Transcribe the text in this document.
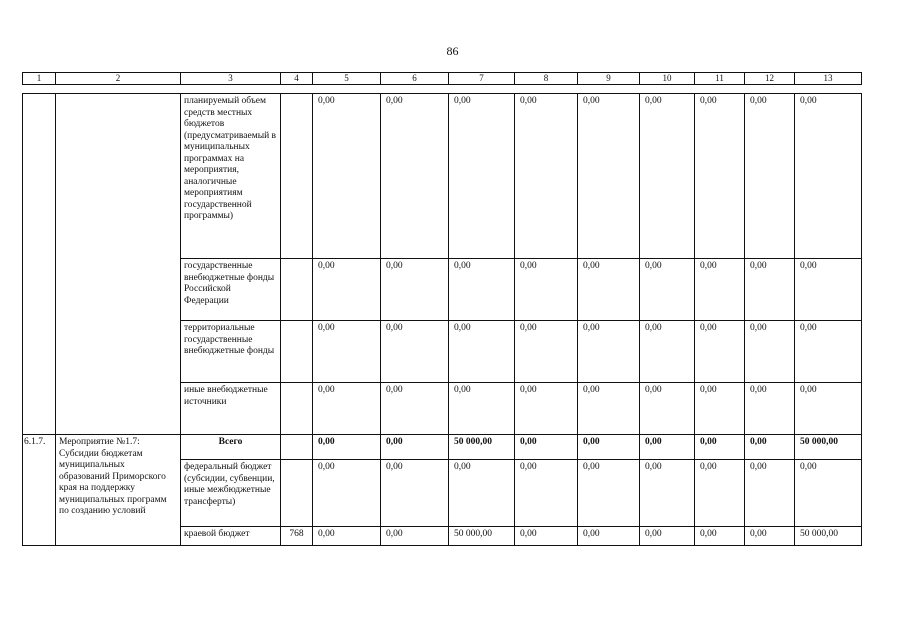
86
1	2	3	4	5	6	7	8	9	10	11	12	13
		планируемый объем средств местных бюджетов (предусматриваемый в муниципальных программах на мероприятия, аналогичные мероприятиям государственной программы)		0,00	0,00	0,00	0,00	0,00	0,00	0,00	0,00	0,00
		государственные внебюджетные фонды Российской Федерации		0,00	0,00	0,00	0,00	0,00	0,00	0,00	0,00	0,00
		территориальные государственные внебюджетные фонды		0,00	0,00	0,00	0,00	0,00	0,00	0,00	0,00	0,00
		иные внебюджетные источники		0,00	0,00	0,00	0,00	0,00	0,00	0,00	0,00	0,00
6.1.7.	Мероприятие №1.7: Субсидии бюджетам муниципальных образований Приморского края на поддержку муниципальных программ по созданию условий	Всего		0,00	0,00	50 000,00	0,00	0,00	0,00	0,00	0,00	50 000,00
		федеральный бюджет (субсидии, субвенции, иные межбюджетные трансферты)		0,00	0,00	0,00	0,00	0,00	0,00	0,00	0,00	0,00
		краевой бюджет	768	0,00	0,00	50 000,00	0,00	0,00	0,00	0,00	0,00	50 000,00
